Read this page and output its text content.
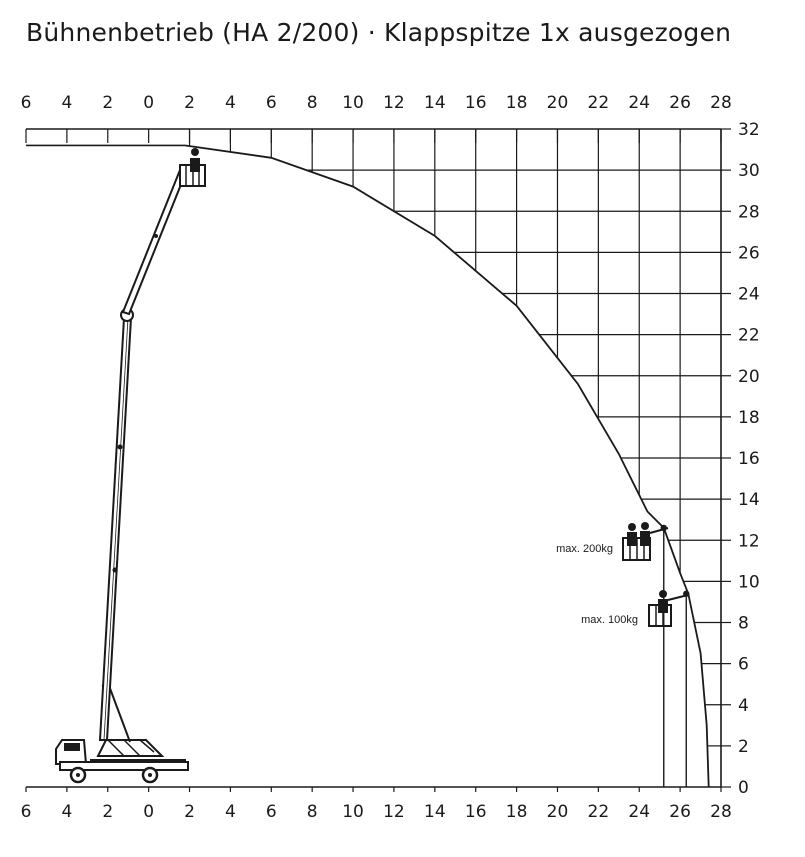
Bühnenbetrieb (HA 2/200) · Klappspitze 1x ausgezogen
6 4 2 0 2 4 6 8 10 12 14 16 18 20 22 24 26 28
6 4 2 0 2 4 6 8 10 12 14 16 18 20 22 24 26 28
32
30
28
26
24
22
20
18
16
14
12
10
8
6
4
2
0
max. 200kg
max. 100kg
